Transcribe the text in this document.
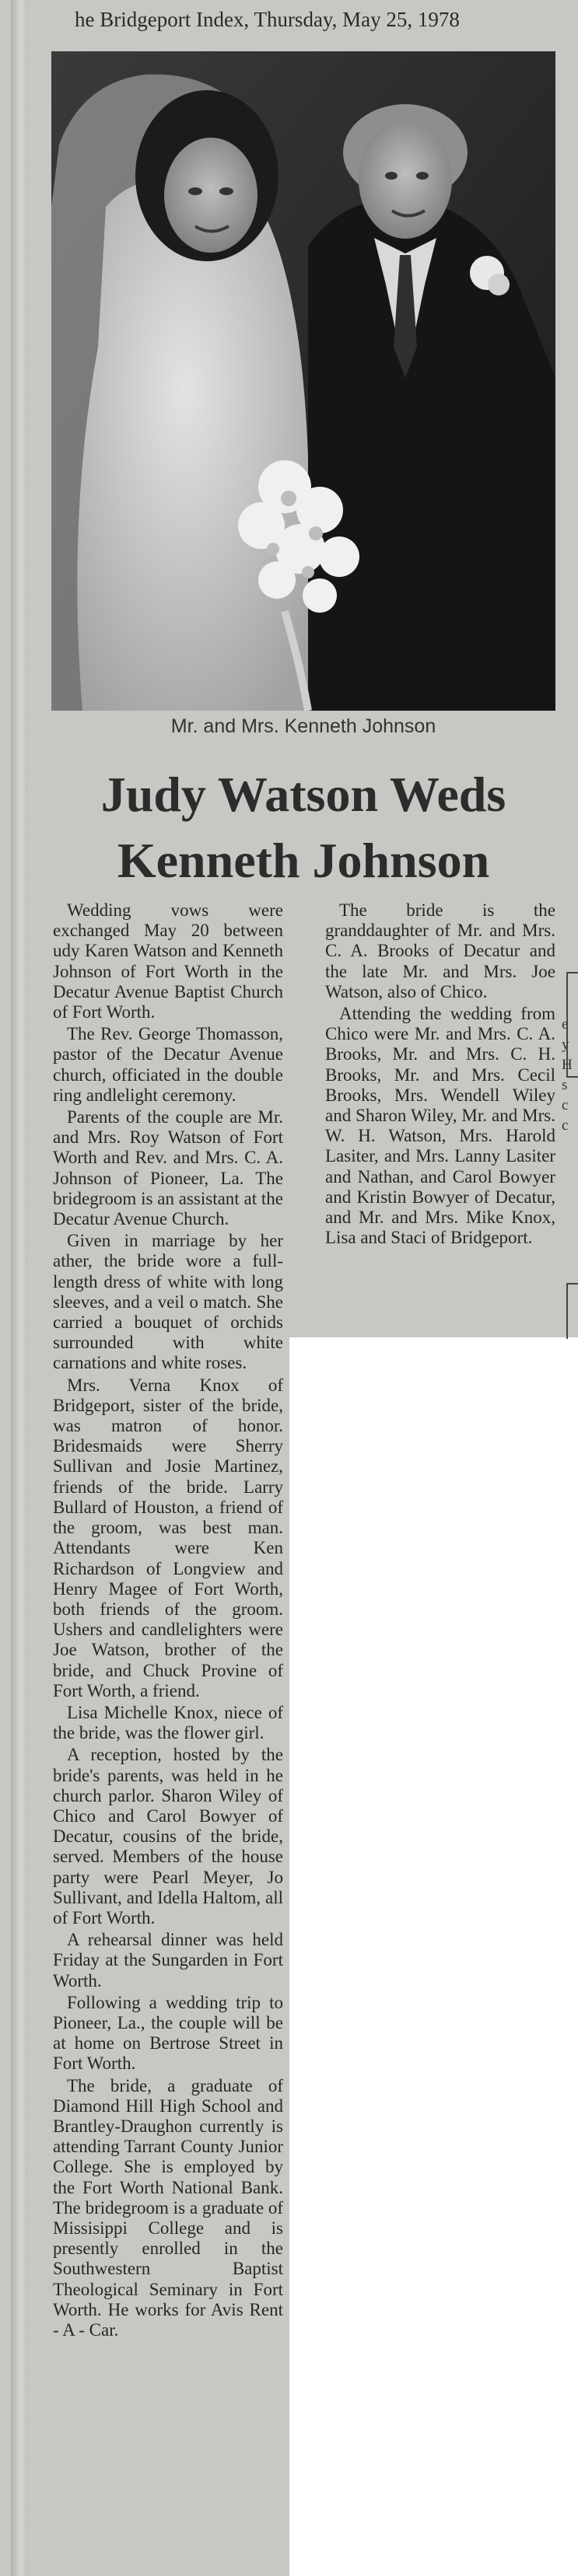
he Bridgeport Index, Thursday, May 25, 1978
Mr. and Mrs. Kenneth Johnson
Judy Watson Weds
Kenneth Johnson

Wedding vows were exchanged May 20 between udy Karen Watson and Kenneth Johnson of Fort Worth in the Decatur Avenue Baptist Church of Fort Worth.

The Rev. George Thomasson, pastor of the Decatur Avenue church, officiated in the double ring andlelight ceremony.

Parents of the couple are Mr. and Mrs. Roy Watson of Fort Worth and Rev. and Mrs. C. A. Johnson of Pioneer, La. The bridegroom is an assistant at the Decatur Avenue Church.

Given in marriage by her ather, the bride wore a full-length dress of white with long sleeves, and a veil o match. She carried a bouquet of orchids surrounded with white carnations and white roses.

Mrs. Verna Knox of Bridgeport, sister of the bride, was matron of honor. Bridesmaids were Sherry Sullivan and Josie Martinez, friends of the bride. Larry Bullard of Houston, a friend of the groom, was best man. Attendants were Ken Richardson of Longview and Henry Magee of Fort Worth, both friends of the groom. Ushers and candlelighters were Joe Watson, brother of the bride, and Chuck Provine of Fort Worth, a friend.

Lisa Michelle Knox, niece of the bride, was the flower girl.

A reception, hosted by the bride's parents, was held in he church parlor. Sharon Wiley of Chico and Carol Bowyer of Decatur, cousins of the bride, served. Members of the house party were Pearl Meyer, Jo Sullivant, and Idella Haltom, all of Fort Worth.

A rehearsal dinner was held Friday at the Sungarden in Fort Worth.

Following a wedding trip to Pioneer, La., the couple will be at home on Bertrose Street in Fort Worth.

The bride, a graduate of Diamond Hill High School and Brantley-Draughon currently is attending Tarrant County Junior College. She is employed by the Fort Worth National Bank. The bridegroom is a graduate of Missisippi College and is presently enrolled in the Southwestern Baptist Theological Seminary in Fort Worth. He works for Avis Rent - A - Car.

The bride is the granddaughter of Mr. and Mrs. C. A. Brooks of Decatur and the late Mr. and Mrs. Joe Watson, also of Chico.

Attending the wedding from Chico were Mr. and Mrs. C. A. Brooks, Mr. and Mrs. C. H. Brooks, Mr. and Mrs. Cecil Brooks, Mrs. Wendell Wiley and Sharon Wiley, Mr. and Mrs. W. H. Watson, Mrs. Harold Lasiter, and Mrs. Lanny Lasiter and Nathan, and Carol Bowyer and Kristin Bowyer of Decatur, and Mr. and Mrs. Mike Knox, Lisa and Staci of Bridgeport.

e
y
H
s
c
c
